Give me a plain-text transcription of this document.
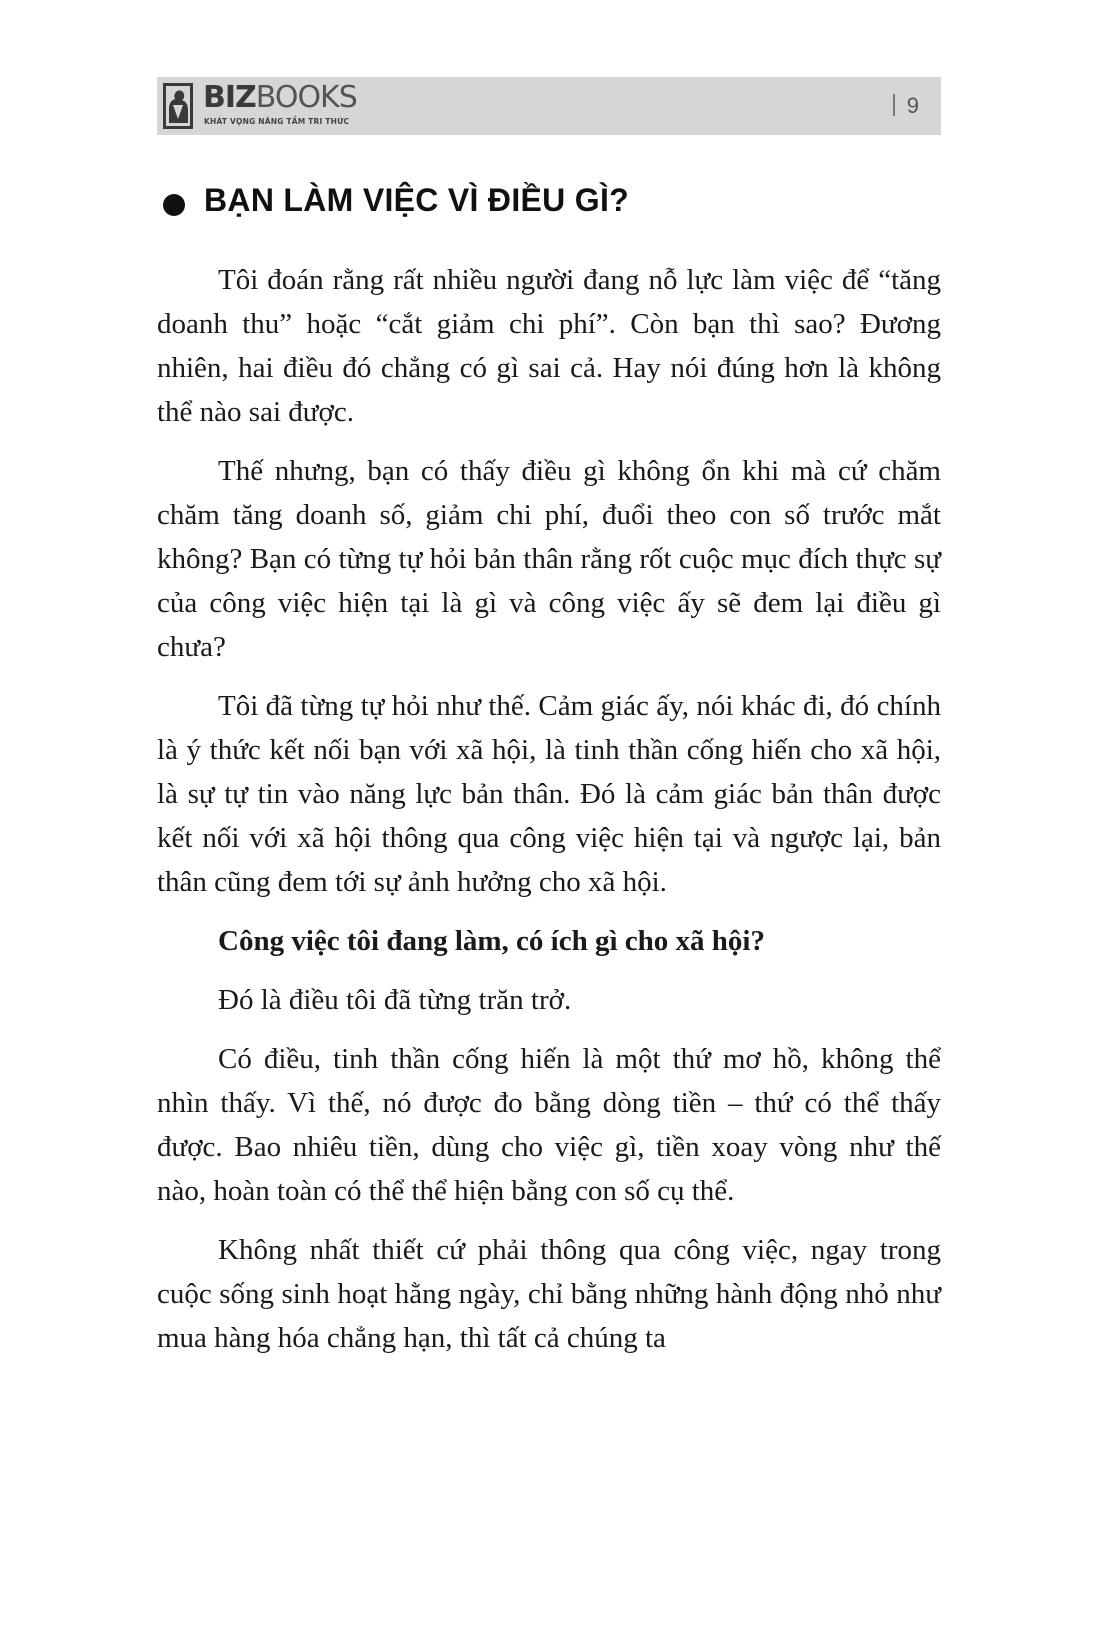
BIZBOOKS
KHÁT VỌNG NÂNG TẦM TRI THỨC
9
BẠN LÀM VIỆC VÌ ĐIỀU GÌ?

Tôi đoán rằng rất nhiều người đang nỗ lực làm việc để “tăng doanh thu” hoặc “cắt giảm chi phí”. Còn bạn thì sao? Đương nhiên, hai điều đó chẳng có gì sai cả. Hay nói đúng hơn là không thể nào sai được.

Thế nhưng, bạn có thấy điều gì không ổn khi mà cứ chăm chăm tăng doanh số, giảm chi phí, đuổi theo con số trước mắt không? Bạn có từng tự hỏi bản thân rằng rốt cuộc mục đích thực sự của công việc hiện tại là gì và công việc ấy sẽ đem lại điều gì chưa?

Tôi đã từng tự hỏi như thế. Cảm giác ấy, nói khác đi, đó chính là ý thức kết nối bạn với xã hội, là tinh thần cống hiến cho xã hội, là sự tự tin vào năng lực bản thân. Đó là cảm giác bản thân được kết nối với xã hội thông qua công việc hiện tại và ngược lại, bản thân cũng đem tới sự ảnh hưởng cho xã hội.

Công việc tôi đang làm, có ích gì cho xã hội?

Đó là điều tôi đã từng trăn trở.

Có điều, tinh thần cống hiến là một thứ mơ hồ, không thể nhìn thấy. Vì thế, nó được đo bằng dòng tiền – thứ có thể thấy được. Bao nhiêu tiền, dùng cho việc gì, tiền xoay vòng như thế nào, hoàn toàn có thể thể hiện bằng con số cụ thể.

Không nhất thiết cứ phải thông qua công việc, ngay trong cuộc sống sinh hoạt hằng ngày, chỉ bằng những hành động nhỏ như mua hàng hóa chẳng hạn, thì tất cả chúng ta
